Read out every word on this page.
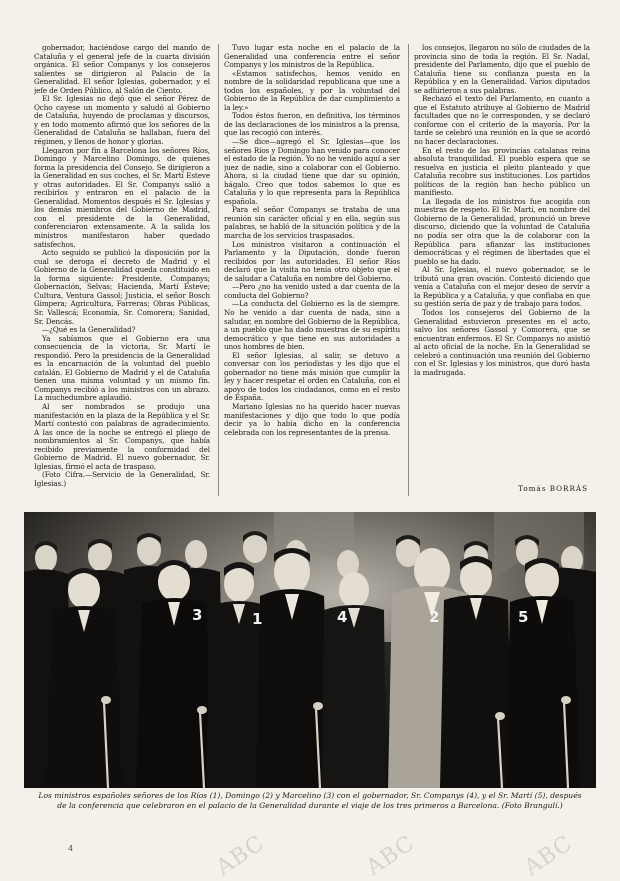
gobernador, haciéndose cargo del mando de Cataluña y el general jefe de la cuarta división orgánica. El señor Companys y los consejeros salientes se dirigieron al Palacio de la Generalidad. El señor Iglesias, gobernador, y el jefe de Orden Público, al Salón de Ciento.

El Sr. Iglesias no dejó que el señor Pérez de Ocho cayese un momento y saludó al Gobierno de Cataluña, huyendo de proclamas y discursos, y en todo momento afirmó que los señores de la Generalidad de Cataluña se hallaban, fuera del régimen, y llenos de honor y glorias.

Llegaron por fin a Barcelona los señores Ríos, Domingo y Marcelino Domingo, de quienes forma la presidencia del Consejo. Se dirigieron a la Generalidad en sus coches, el Sr. Martí Esteve y otras autoridades. El Sr. Companys salió a recibirlos y entraron en el palacio de la Generalidad. Momentos después el Sr. Iglesias y los demás miembros del Gobierno de Madrid, con el presidente de la Generalidad, conferenciaron extensamente. A la salida los ministros manifestaron haber quedado satisfechos.

Acto seguido se publicó la disposición por la cual se deroga el decreto de Madrid y el Gobierno de la Generalidad queda constituido en la forma siguiente: Presidente, Companys; Gobernación, Selvas; Hacienda, Martí Esteve; Cultura, Ventura Gassol; Justicia, el señor Bosch Gimpera; Agricultura, Farreras; Obras Públicas, Sr. Vallescá; Economía, Sr. Comorera; Sanidad, Sr. Dencás.

—¿Qué es la Generalidad?

Ya sabíamos que el Gobierno era una consecuencia de la victoria, Sr. Martí le respondió. Pero la presidencia de la Generalidad es la encarnación de la voluntad del pueblo catalán. El Gobierno de Madrid y el de Cataluña tienen una misma voluntad y un mismo fin. Companys recibió a los ministros con un abrazo. La muchedumbre aplaudió.

Al ser nombrados se produjo una manifestación en la plaza de la República y el Sr. Martí contestó con palabras de agradecimiento. A las once de la noche se entregó el pliego de nombramientos al Sr. Companys, que había recibido previamente la conformidad del Gobierno de Madrid. El nuevo gobernador, Sr. Iglesias, firmó el acta de traspaso.

(Foto Cifra.—Servicio de la Generalidad, Sr. Iglesias.)

Tuvo lugar esta noche en el palacio de la Generalidad una conferencia entre el señor Companys y los ministros de la República.

«Estamos satisfechos, hemos venido en nombre de la solidaridad republicana que une a todos los españoles, y por la voluntad del Gobierno de la República de dar cumplimiento a la ley.»

Todos éstos fueron, en definitiva, los términos de las declaraciones de los ministros a la prensa, que las recogió con interés.

—Se dice—agregó el Sr. Iglesias—que los señores Ríos y Domingo han venido para conocer el estado de la región. Yo no he venido aquí a ser juez de nadie, sino a colaborar con el Gobierno. Ahora, si la ciudad tiene que dar su opinión, hágalo. Creo que todos sabemos lo que es Cataluña y lo que representa para la República española.

Para el señor Companys se trataba de una reunión sin carácter oficial y en ella, según sus palabras, se habló de la situación política y de la marcha de los servicios traspasados.

Los ministros visitaron a continuación el Parlamento y la Diputación, donde fueron recibidos por las autoridades. El señor Ríos declaró que la visita no tenía otro objeto que el de saludar a Cataluña en nombre del Gobierno.

—Pero ¿no ha venido usted a dar cuenta de la conducta del Gobierno?

—La conducta del Gobierno es la de siempre. No he venido a dar cuenta de nada, sino a saludar, en nombre del Gobierno de la República, a un pueblo que ha dado muestras de su espíritu democrático y que tiene en sus autoridades a unos hombres de bien.

El señor Iglesias, al salir, se detuvo a conversar con los periodistas y les dijo que el gobernador no tiene más misión que cumplir la ley y hacer respetar el orden en Cataluña, con el apoyo de todos los ciudadanos, como en el resto de España.

Mariano Iglesias no ha querido hacer nuevas manifestaciones y dijo que todo lo que podía decir ya lo había dicho en la conferencia celebrada con los representantes de la prensa.

los consejos, llegaron no sólo de ciudades de la provincia sino de toda la región. El Sr. Nadal, presidente del Parlamento, dijo que el pueblo de Cataluña tiene su confianza puesta en la República y en la Generalidad. Varios diputados se adhirieron a sus palabras.

Rechazó el texto del Parlamento, en cuanto a que el Estatuto atribuye al Gobierno de Madrid facultades que no le corresponden, y se declaró conforme con el criterio de la mayoría. Por la tarde se celebró una reunión en la que se acordó no hacer declaraciones.

En el resto de las provincias catalanas reina absoluta tranquilidad. El pueblo espera que se resuelva en justicia el pleito planteado y que Cataluña recobre sus instituciones. Los partidos políticos de la región han hecho público un manifiesto.

La llegada de los ministros fue acogida con muestras de respeto. El Sr. Martí, en nombre del Gobierno de la Generalidad, pronunció un breve discurso, diciendo que la voluntad de Cataluña no podía ser otra que la de colaborar con la República para afianzar las instituciones democráticas y el régimen de libertades que el pueblo se ha dado.

Al Sr. Iglesias, el nuevo gobernador, se le tributó una gran ovación. Contestó diciendo que venía a Cataluña con el mejor deseo de servir a la República y a Cataluña, y que confiaba en que su gestión sería de paz y de trabajo para todos.

Todos los consejeros del Gobierno de la Generalidad estuvieron presentes en el acto, salvo los señores Gassol y Comorera, que se encuentran enfermos. El Sr. Companys no asistió al acto oficial de la noche. En la Generalidad se celebró a continuación una reunión del Gobierno con el Sr. Iglesias y los ministros, que duró hasta la madrugada.

Tomás BORRÁS
3	1	4	2	5
Los ministros españoles señores de los Ríos (1), Domingo (2) y Marcelino (3) con el gobernador, Sr. Companys (4), y el Sr. Martí (5), después de la conferencia que celebraron en el palacio de la Generalidad durante el viaje de los tres primeros a Barcelona. (Foto Brangulí.)
4	ABC	ABC	ABC
